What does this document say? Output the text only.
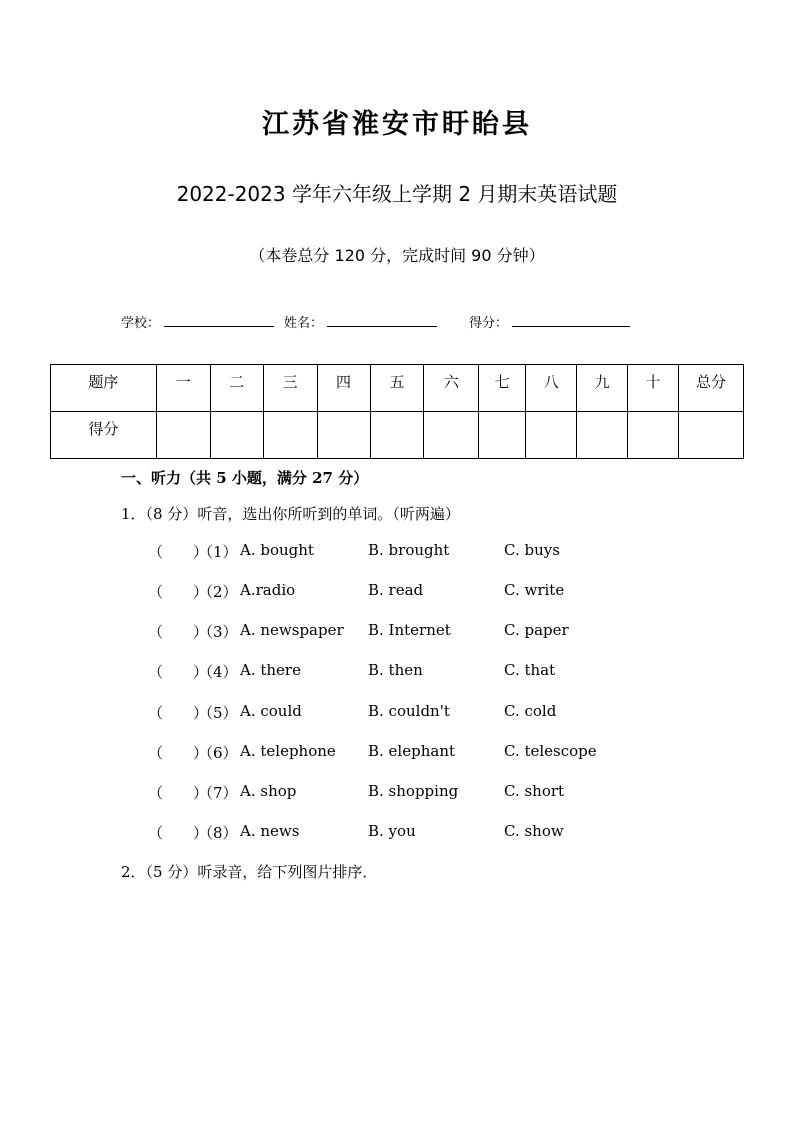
江苏省淮安市盱眙县
2022-2023 学年六年级上学期 2 月期末英语试题
（本卷总分 120 分，完成时间 90 分钟）
学校：	姓名：	得分：
题序	一	二	三	四	五	六	七	八	九	十	总分
得分											
一、听力（共 5 小题，满分 27 分）
1．（8 分）听音，选出你所听到的单词。（听两遍）
（　　）
（1） A. bought	B. brought	C. buys
（　　）
（2） A.radio	B. read	C. write
（　　）
（3） A. newspaper B. Internet	C. paper
（　　）
（4） A. there	B. then	C. that
（　　）
（5） A. could	B. couldn't	C. cold
（　　）
（6） A. telephone B. elephant	C. telescope
（　　）
（7） A. shop	B. shopping	C. short
（　　）
（8） A. news	B. you	C. show
2．（5 分）听录音，给下列图片排序．
